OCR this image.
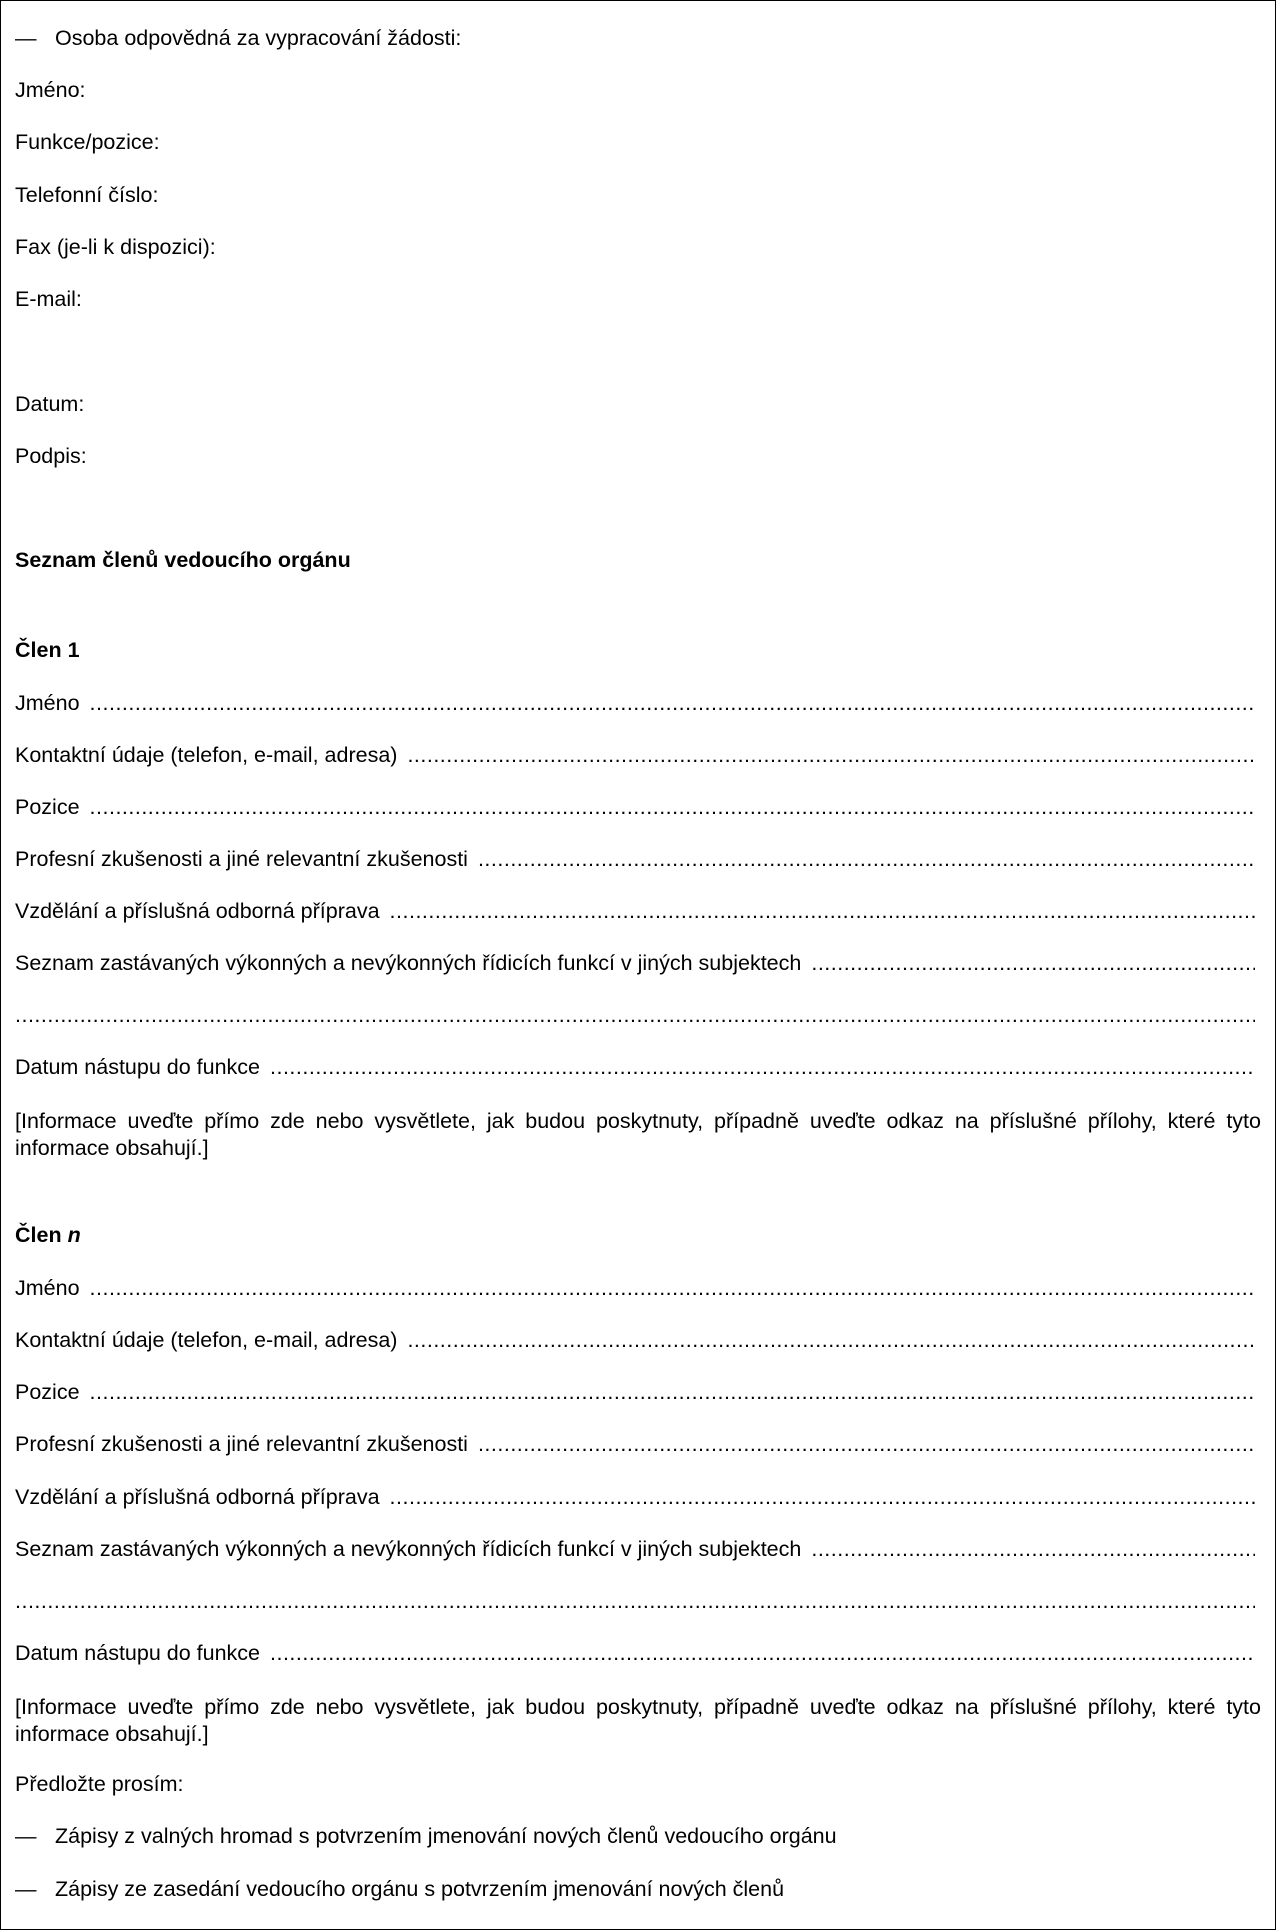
— Osoba odpovědná za vypracování žádosti:
Jméno:
Funkce/pozice:
Telefonní číslo:
Fax (je-li k dispozici):
E-mail:
Datum:
Podpis:
Seznam členů vedoucího orgánu
Člen 1
Jméno
.....
Kontaktní údaje (telefon, e-mail, adresa)
.....
Pozice
.....
Profesní zkušenosti a jiné relevantní zkušenosti
.....
Vzdělání a příslušná odborná příprava
.....
Seznam zastávaných výkonných a nevýkonných řídicích funkcí v jiných subjektech
.....
.....
Datum nástupu do funkce
.....
[Informace uveďte přímo zde nebo vysvětlete, jak budou poskytnuty, případně uveďte odkaz na příslušné přílohy, které tyto informace obsahují.]
Člen n
Jméno
.....
Kontaktní údaje (telefon, e-mail, adresa)
.....
Pozice
.....
Profesní zkušenosti a jiné relevantní zkušenosti
.....
Vzdělání a příslušná odborná příprava
.....
Seznam zastávaných výkonných a nevýkonných řídicích funkcí v jiných subjektech
.....
.....
Datum nástupu do funkce
.....
[Informace uveďte přímo zde nebo vysvětlete, jak budou poskytnuty, případně uveďte odkaz na příslušné přílohy, které tyto informace obsahují.]
Předložte prosím:
— Zápisy z valných hromad s potvrzením jmenování nových členů vedoucího orgánu
— Zápisy ze zasedání vedoucího orgánu s potvrzením jmenování nových členů
